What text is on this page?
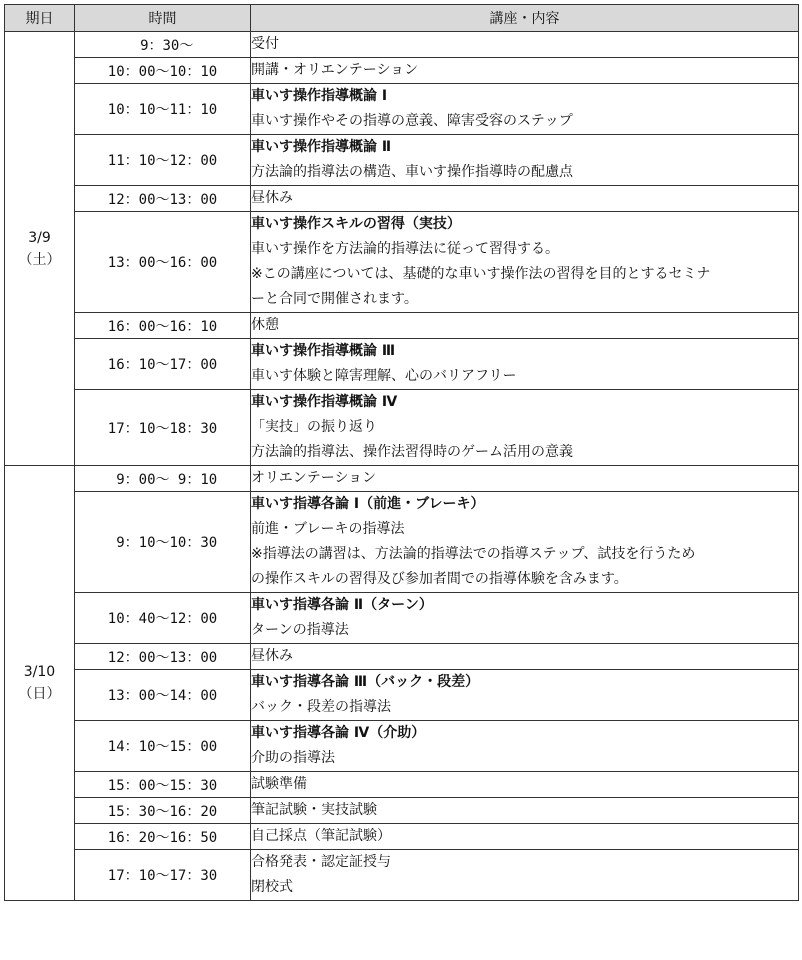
期日	時間	講座・内容

3/9
（土）	9：30～	受付

	10：00～10：10	開講・オリエンテーション

	10：10～11：10	車いす操作指導概論 Ⅰ
車いす操作やその指導の意義、障害受容のステップ

	11：10～12：00	車いす操作指導概論 Ⅱ
方法論的指導法の構造、車いす操作指導時の配慮点

	12：00～13：00	昼休み

	13：00～16：00	車いす操作スキルの習得（実技）
車いす操作を方法論的指導法に従って習得する。
※この講座については、基礎的な車いす操作法の習得を目的とするセミナ
ーと合同で開催されます。

	16：00～16：10	休憩

	16：10～17：00	車いす操作指導概論 Ⅲ
車いす体験と障害理解、心のバリアフリー

	17：10～18：30	車いす操作指導概論 Ⅳ
「実技」の振り返り
方法論的指導法、操作法習得時のゲーム活用の意義

3/10
（日）	9：00～ 9：10	オリエンテーション

	9：10～10：30	車いす指導各論 Ⅰ（前進・ブレーキ）
前進・ブレーキの指導法
※指導法の講習は、方法論的指導法での指導ステップ、試技を行うため
の操作スキルの習得及び参加者間での指導体験を含みます。

	10：40～12：00	車いす指導各論 Ⅱ（ターン）
ターンの指導法

	12：00～13：00	昼休み

	13：00～14：00	車いす指導各論 Ⅲ（バック・段差）
バック・段差の指導法

	14：10～15：00	車いす指導各論 Ⅳ（介助）
介助の指導法

	15：00～15：30	試験準備

	15：30～16：20	筆記試験・実技試験

	16：20～16：50	自己採点（筆記試験）

	17：10～17：30	合格発表・認定証授与
閉校式
